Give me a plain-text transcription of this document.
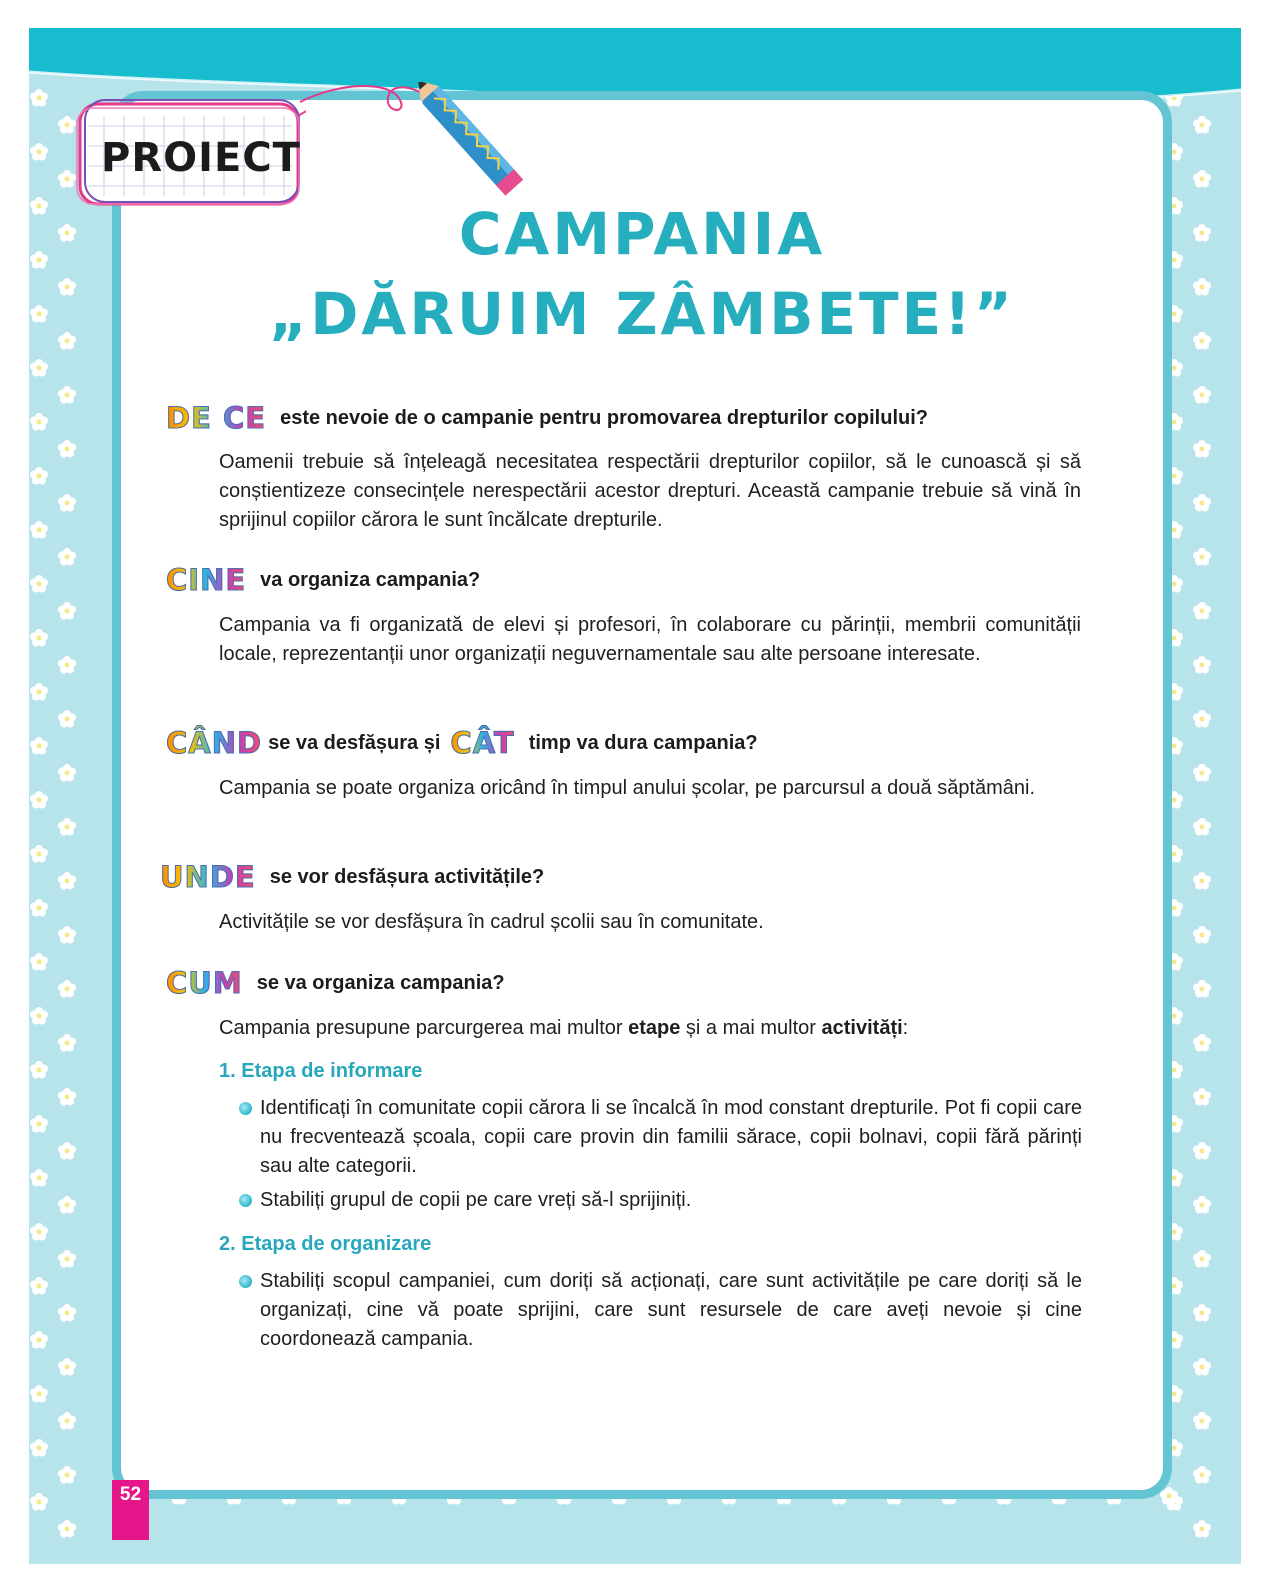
PROIECT
CAMPANIA
„DĂRUIM ZÂMBETE!”
DE CE este nevoie de o campanie pentru promovarea drepturilor copilului?

Oamenii trebuie să înțeleagă necesitatea respectării drepturilor copiilor, să le cunoască și să conștientizeze consecințele nerespectării acestor drepturi. Această campanie trebuie să vină în sprijinul copiilor cărora le sunt încălcate drepturile.

CINE va organiza campania?

Campania va fi organizată de elevi și profesori, în colaborare cu părinții, membrii comunității locale, reprezentanții unor organizații neguvernamentale sau alte persoane interesate.

CÂND se va desfășura și CÂT timp va dura campania?

Campania se poate organiza oricând în timpul anului școlar, pe parcursul a două săptămâni.

UNDE se vor desfășura activitățile?

Activitățile se vor desfășura în cadrul școlii sau în comunitate.

CUM se va organiza campania?

Campania presupune parcurgerea mai multor etape și a mai multor activități:

1. Etapa de informare
Identificați în comunitate copii cărora li se încalcă în mod constant drepturile. Pot fi copii care nu frecventează școala, copii care provin din familii sărace, copii bolnavi, copii fără părinți sau alte categorii.
Stabiliți grupul de copii pe care vreți să-l sprijiniți.
2. Etapa de organizare
Stabiliți scopul campaniei, cum doriți să acționați, care sunt activitățile pe care doriți să le organizați, cine vă poate sprijini, care sunt resursele de care aveți nevoie și cine coordonează campania.
52
